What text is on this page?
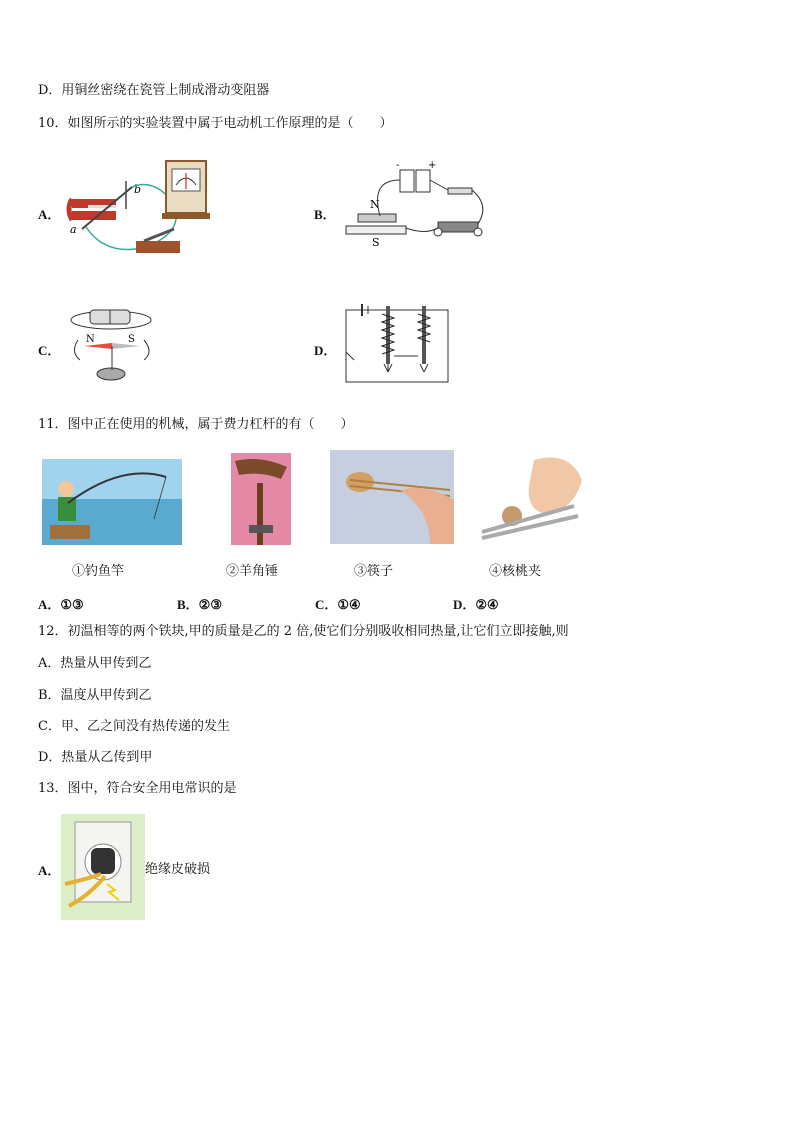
D．用铜丝密绕在瓷管上制成滑动变阻器
10．如图所示的实验装置中属于电动机工作原理的是（　　）
A．
a
b
B．
-	+
N
S
C．
N	S
D．
11．图中正在使用的机械，属于费力杠杆的有（　　）
①钓鱼竿	②羊角锤	③筷子	④核桃夹
A．①③	B．②③	C．①④	D．②④
12．初温相等的两个铁块,甲的质量是乙的 2 倍,使它们分别吸收相同热量,让它们立即接触,则
A．热量从甲传到乙
B．温度从甲传到乙
C．甲、乙之间没有热传递的发生
D．热量从乙传到甲
13．图中，符合安全用电常识的是
A．	绝缘皮破损
